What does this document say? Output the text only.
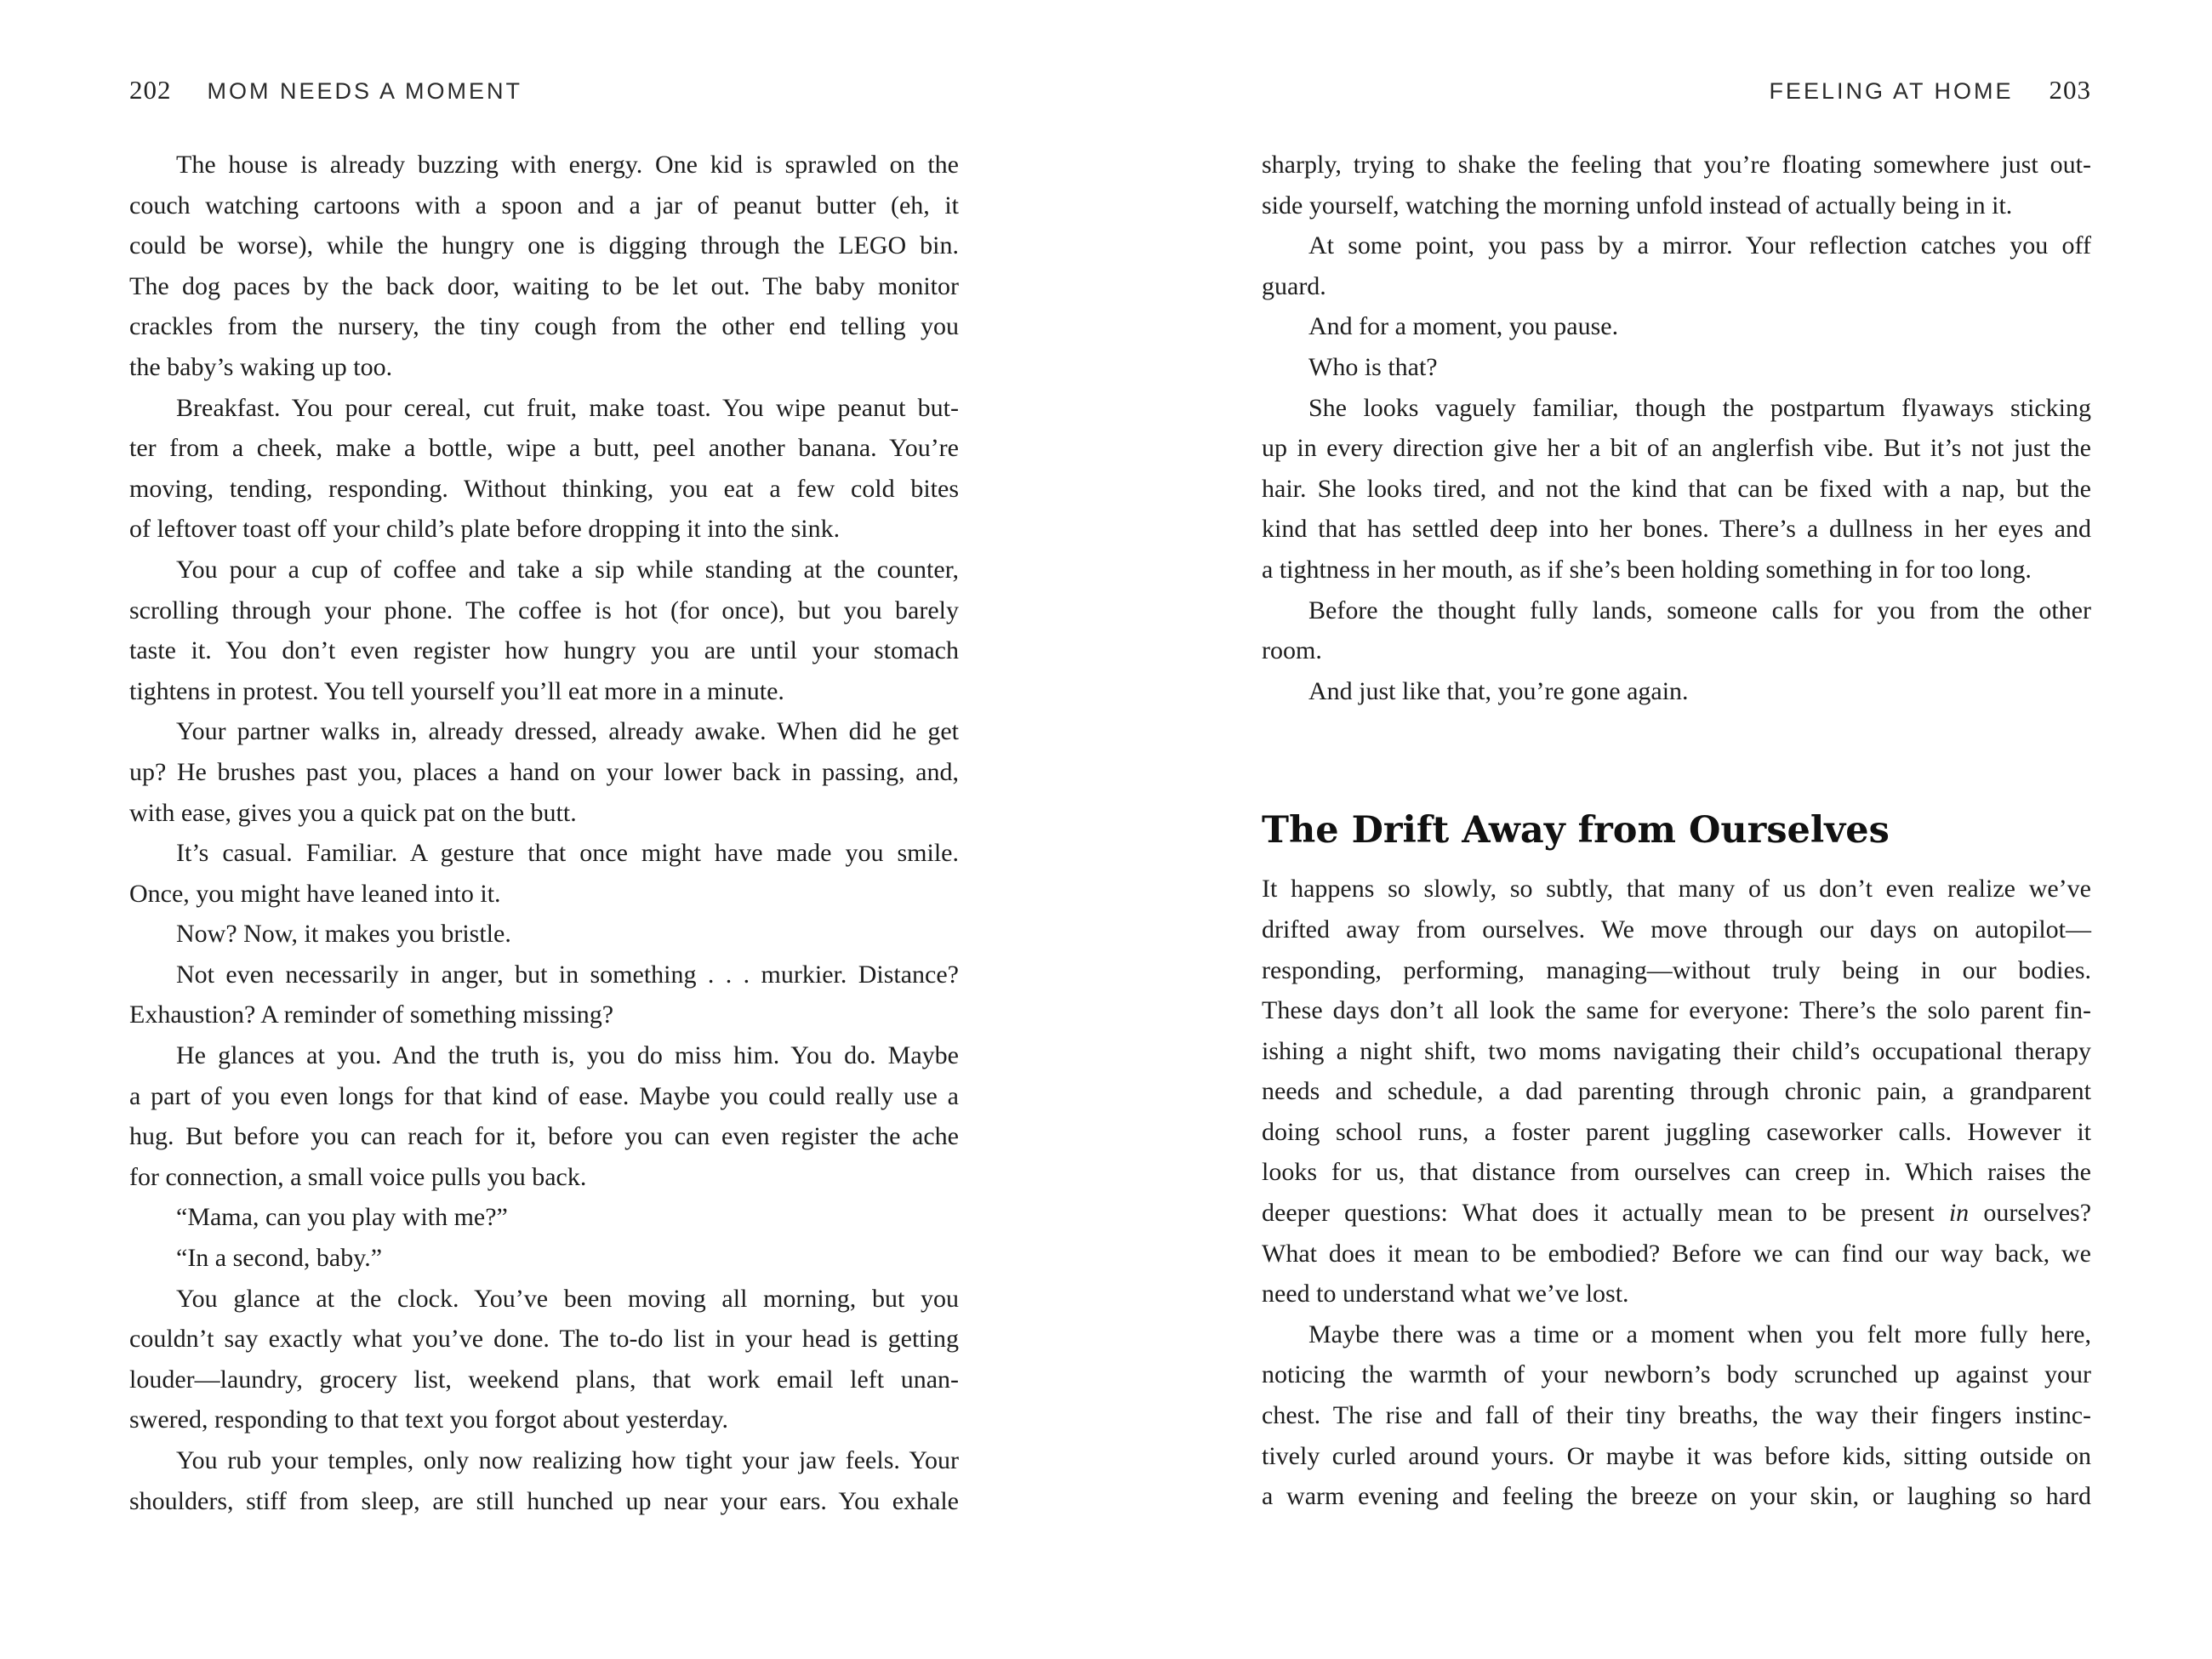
202 MOM NEEDS A MOMENT	FEELING AT HOME 203
The house is already buzzing with energy. One kid is sprawled on the
couch watching cartoons with a spoon and a jar of peanut butter (eh, it
could be worse), while the hungry one is digging through the LEGO bin.
The dog paces by the back door, waiting to be let out. The baby monitor
crackles from the nursery, the tiny cough from the other end telling you
the baby’s waking up too.
Breakfast. You pour cereal, cut fruit, make toast. You wipe peanut but-
ter from a cheek, make a bottle, wipe a butt, peel another banana. You’re
moving, tending, responding. Without thinking, you eat a few cold bites
of leftover toast off your child’s plate before dropping it into the sink.
You pour a cup of coffee and take a sip while standing at the counter,
scrolling through your phone. The coffee is hot (for once), but you barely
taste it. You don’t even register how hungry you are until your stomach
tightens in protest. You tell yourself you’ll eat more in a minute.
Your partner walks in, already dressed, already awake. When did he get
up? He brushes past you, places a hand on your lower back in passing, and,
with ease, gives you a quick pat on the butt.
It’s casual. Familiar. A gesture that once might have made you smile.
Once, you might have leaned into it.
Now? Now, it makes you bristle.
Not even necessarily in anger, but in something . . . murkier. Distance?
Exhaustion? A reminder of something missing?
He glances at you. And the truth is, you do miss him. You do. Maybe
a part of you even longs for that kind of ease. Maybe you could really use a
hug. But before you can reach for it, before you can even register the ache
for connection, a small voice pulls you back.
“Mama, can you play with me?”
“In a second, baby.”
You glance at the clock. You’ve been moving all morning, but you
couldn’t say exactly what you’ve done. The to-do list in your head is getting
louder—laundry, grocery list, weekend plans, that work email left unan-
swered, responding to that text you forgot about yesterday.
You rub your temples, only now realizing how tight your jaw feels. Your
shoulders, stiff from sleep, are still hunched up near your ears. You exhale
sharply, trying to shake the feeling that you’re floating somewhere just out-
side yourself, watching the morning unfold instead of actually being in it.
At some point, you pass by a mirror. Your reflection catches you off
guard.
And for a moment, you pause.
Who is that?
She looks vaguely familiar, though the postpartum flyaways sticking
up in every direction give her a bit of an anglerfish vibe. But it’s not just the
hair. She looks tired, and not the kind that can be fixed with a nap, but the
kind that has settled deep into her bones. There’s a dullness in her eyes and
a tightness in her mouth, as if she’s been holding something in for too long.
Before the thought fully lands, someone calls for you from the other
room.
And just like that, you’re gone again.
The Drift Away from Ourselves
It happens so slowly, so subtly, that many of us don’t even realize we’ve
drifted away from ourselves. We move through our days on autopilot—
responding, performing, managing—without truly being in our bodies.
These days don’t all look the same for everyone: There’s the solo parent fin-
ishing a night shift, two moms navigating their child’s occupational therapy
needs and schedule, a dad parenting through chronic pain, a grandparent
doing school runs, a foster parent juggling caseworker calls. However it
looks for us, that distance from ourselves can creep in. Which raises the
deeper questions: What does it actually mean to be present in ourselves?
What does it mean to be embodied? Before we can find our way back, we
need to understand what we’ve lost.
Maybe there was a time or a moment when you felt more fully here,
noticing the warmth of your newborn’s body scrunched up against your
chest. The rise and fall of their tiny breaths, the way their fingers instinc-
tively curled around yours. Or maybe it was before kids, sitting outside on
a warm evening and feeling the breeze on your skin, or laughing so hard
